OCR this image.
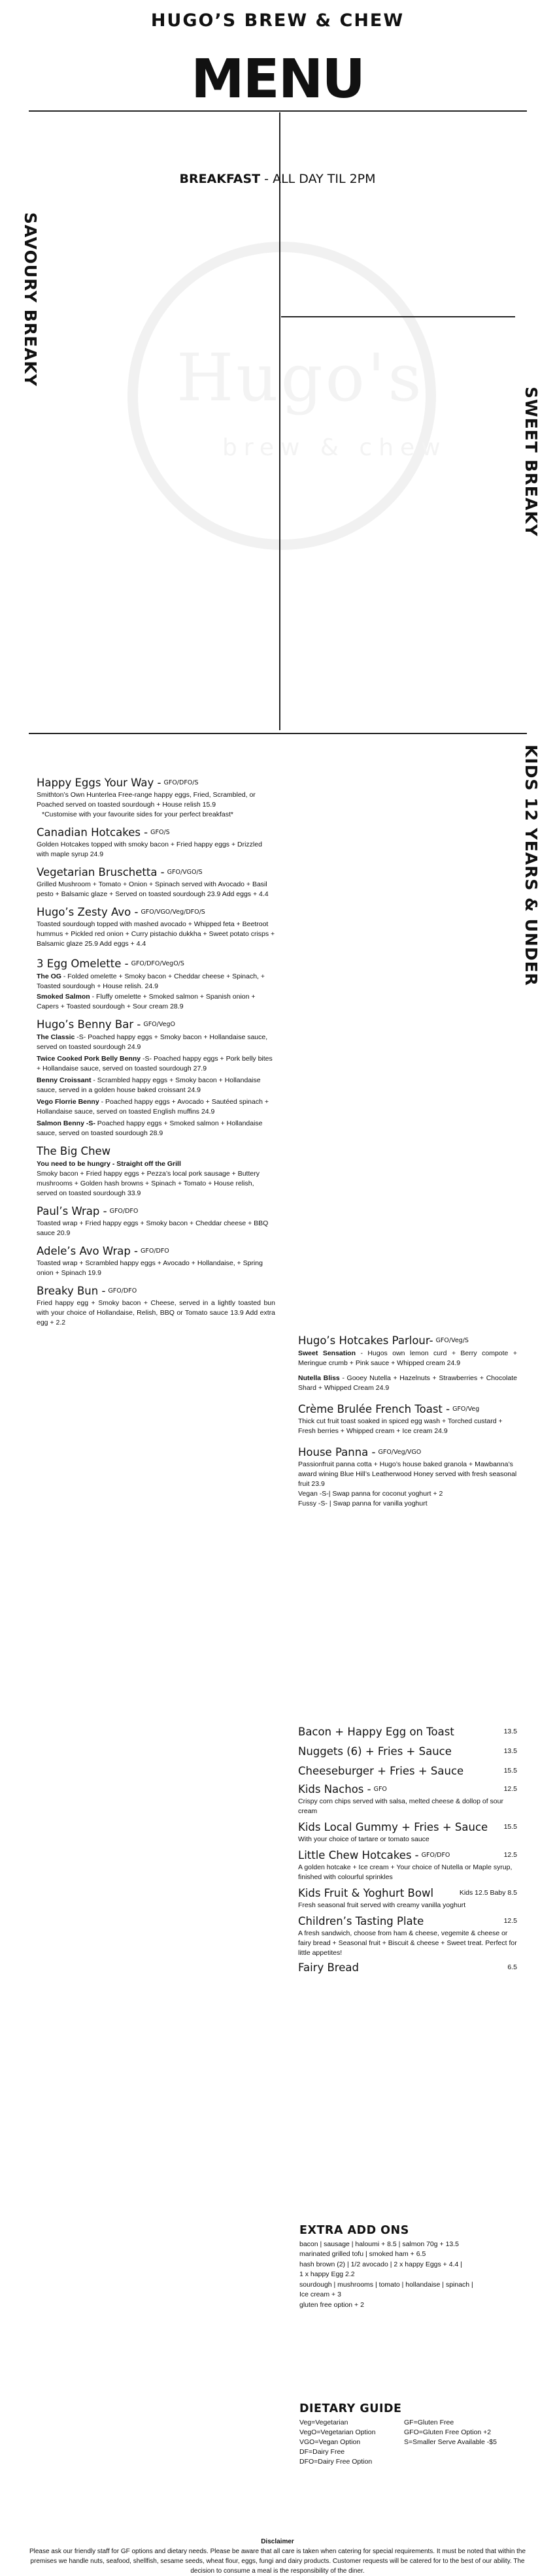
Hugo's
brew & chew
HUGO’S BREW & CHEW
MENU
BREAKFAST - ALL DAY TIL 2PM
SAVOURY BREAKY
SWEET BREAKY
KIDS 12 YEARS & UNDER
Happy Eggs Your Way - GFO/DFO/S
Smithton’s Own Hunterlea Free-range happy eggs, Fried, Scrambled, or Poached served on toasted sourdough + House relish 15.9
*Customise with your favourite sides for your perfect breakfast*
Canadian Hotcakes - GFO/S
Golden Hotcakes topped with smoky bacon + Fried happy eggs + Drizzled with maple syrup 24.9
Vegetarian Bruschetta - GFO/VGO/S
Grilled Mushroom + Tomato + Onion + Spinach served with Avocado + Basil pesto + Balsamic glaze + Served on toasted sourdough 23.9 Add eggs + 4.4
Hugo’s Zesty Avo - GFO/VGO/Veg/DFO/S
Toasted sourdough topped with mashed avocado + Whipped feta + Beetroot hummus + Pickled red onion + Curry pistachio dukkha + Sweet potato crisps + Balsamic glaze 25.9 Add eggs + 4.4
3 Egg Omelette - GFO/DFO/VegO/S
The OG - Folded omelette + Smoky bacon + Cheddar cheese + Spinach, + Toasted sourdough + House relish. 24.9
Smoked Salmon - Fluffy omelette + Smoked salmon + Spanish onion + Capers + Toasted sourdough + Sour cream 28.9
Hugo’s Benny Bar - GFO/VegO
The Classic -S- Poached happy eggs + Smoky bacon + Hollandaise sauce, served on toasted sourdough 24.9
Twice Cooked Pork Belly Benny -S- Poached happy eggs + Pork belly bites + Hollandaise sauce, served on toasted sourdough 27.9
Benny Croissant - Scrambled happy eggs + Smoky bacon + Hollandaise sauce, served in a golden house baked croissant 24.9
Vego Florrie Benny - Poached happy eggs + Avocado + Sautéed spinach + Hollandaise sauce, served on toasted English muffins 24.9
Salmon Benny -S- Poached happy eggs + Smoked salmon + Hollandaise sauce, served on toasted sourdough 28.9
The Big Chew
You need to be hungry - Straight off the Grill
Smoky bacon + Fried happy eggs + Pezza’s local pork sausage + Buttery mushrooms + Golden hash browns + Spinach + Tomato + House relish, served on toasted sourdough 33.9
Paul’s Wrap - GFO/DFO
Toasted wrap + Fried happy eggs + Smoky bacon + Cheddar cheese + BBQ sauce 20.9
Adele’s Avo Wrap - GFO/DFO
Toasted wrap + Scrambled happy eggs + Avocado + Hollandaise, + Spring onion + Spinach 19.9
Breaky Bun - GFO/DFO
Fried happy egg + Smoky bacon + Cheese, served in a lightly toasted bun with your choice of Hollandaise, Relish, BBQ or Tomato sauce 13.9 Add extra egg + 2.2
Hugo’s Hotcakes Parlour- GFO/Veg/S
Sweet Sensation - Hugos own lemon curd + Berry compote + Meringue crumb + Pink sauce + Whipped cream 24.9
Nutella Bliss - Gooey Nutella + Hazelnuts + Strawberries + Chocolate Shard + Whipped Cream 24.9
Crème Brulée French Toast - GFO/Veg
Thick cut fruit toast soaked in spiced egg wash + Torched custard + Fresh berries + Whipped cream + Ice cream 24.9
House Panna - GFO/Veg/VGO
Passionfruit panna cotta + Hugo’s house baked granola + Mawbanna’s award wining Blue Hill’s Leatherwood Honey served with fresh seasonal fruit 23.9
Vegan -S-| Swap panna for coconut yoghurt + 2
Fussy -S- | Swap panna for vanilla yoghurt
Bacon + Happy Egg on Toast	13.5
Nuggets (6) + Fries + Sauce	13.5
Cheeseburger + Fries + Sauce	15.5
Kids Nachos - GFO	12.5
Crispy corn chips served with salsa, melted cheese & dollop of sour cream
Kids Local Gummy + Fries + Sauce 15.5
With your choice of tartare or tomato sauce
Little Chew Hotcakes - GFO/DFO	12.5
A golden hotcake + Ice cream + Your choice of Nutella or Maple syrup, finished with colourful sprinkles
Kids Fruit & Yoghurt Bowl	Kids 12.5 Baby 8.5
Fresh seasonal fruit served with creamy vanilla yoghurt
Children’s Tasting Plate	12.5
A fresh sandwich, choose from ham & cheese, vegemite & cheese or fairy bread + Seasonal fruit + Biscuit & cheese + Sweet treat. Perfect for little appetites!
Fairy Bread	6.5
EXTRA ADD ONS
bacon | sausage | haloumi + 8.5 | salmon 70g + 13.5
marinated grilled tofu | smoked ham + 6.5
hash brown (2) | 1/2 avocado | 2 x happy Eggs + 4.4 |
1 x happy Egg 2.2
sourdough | mushrooms | tomato | hollandaise | spinach |
Ice cream + 3
gluten free option + 2
DIETARY GUIDE
Veg=Vegetarian	GF=Gluten Free
VegO=Vegetarian Option	GFO=Gluten Free Option +2
VGO=Vegan Option	S=Smaller Serve Available -$5
DF=Dairy Free
DFO=Dairy Free Option
Disclaimer
Please ask our friendly staff for GF options and dietary needs. Please be aware that all care is taken when catering for special requirements. It must be noted that within the premises we handle nuts, seafood, shellfish, sesame seeds, wheat flour, eggs, fungi and dairy products. Customer requests will be catered for to the best of our ability. The decision to consume a meal is the responsibility of the diner.
